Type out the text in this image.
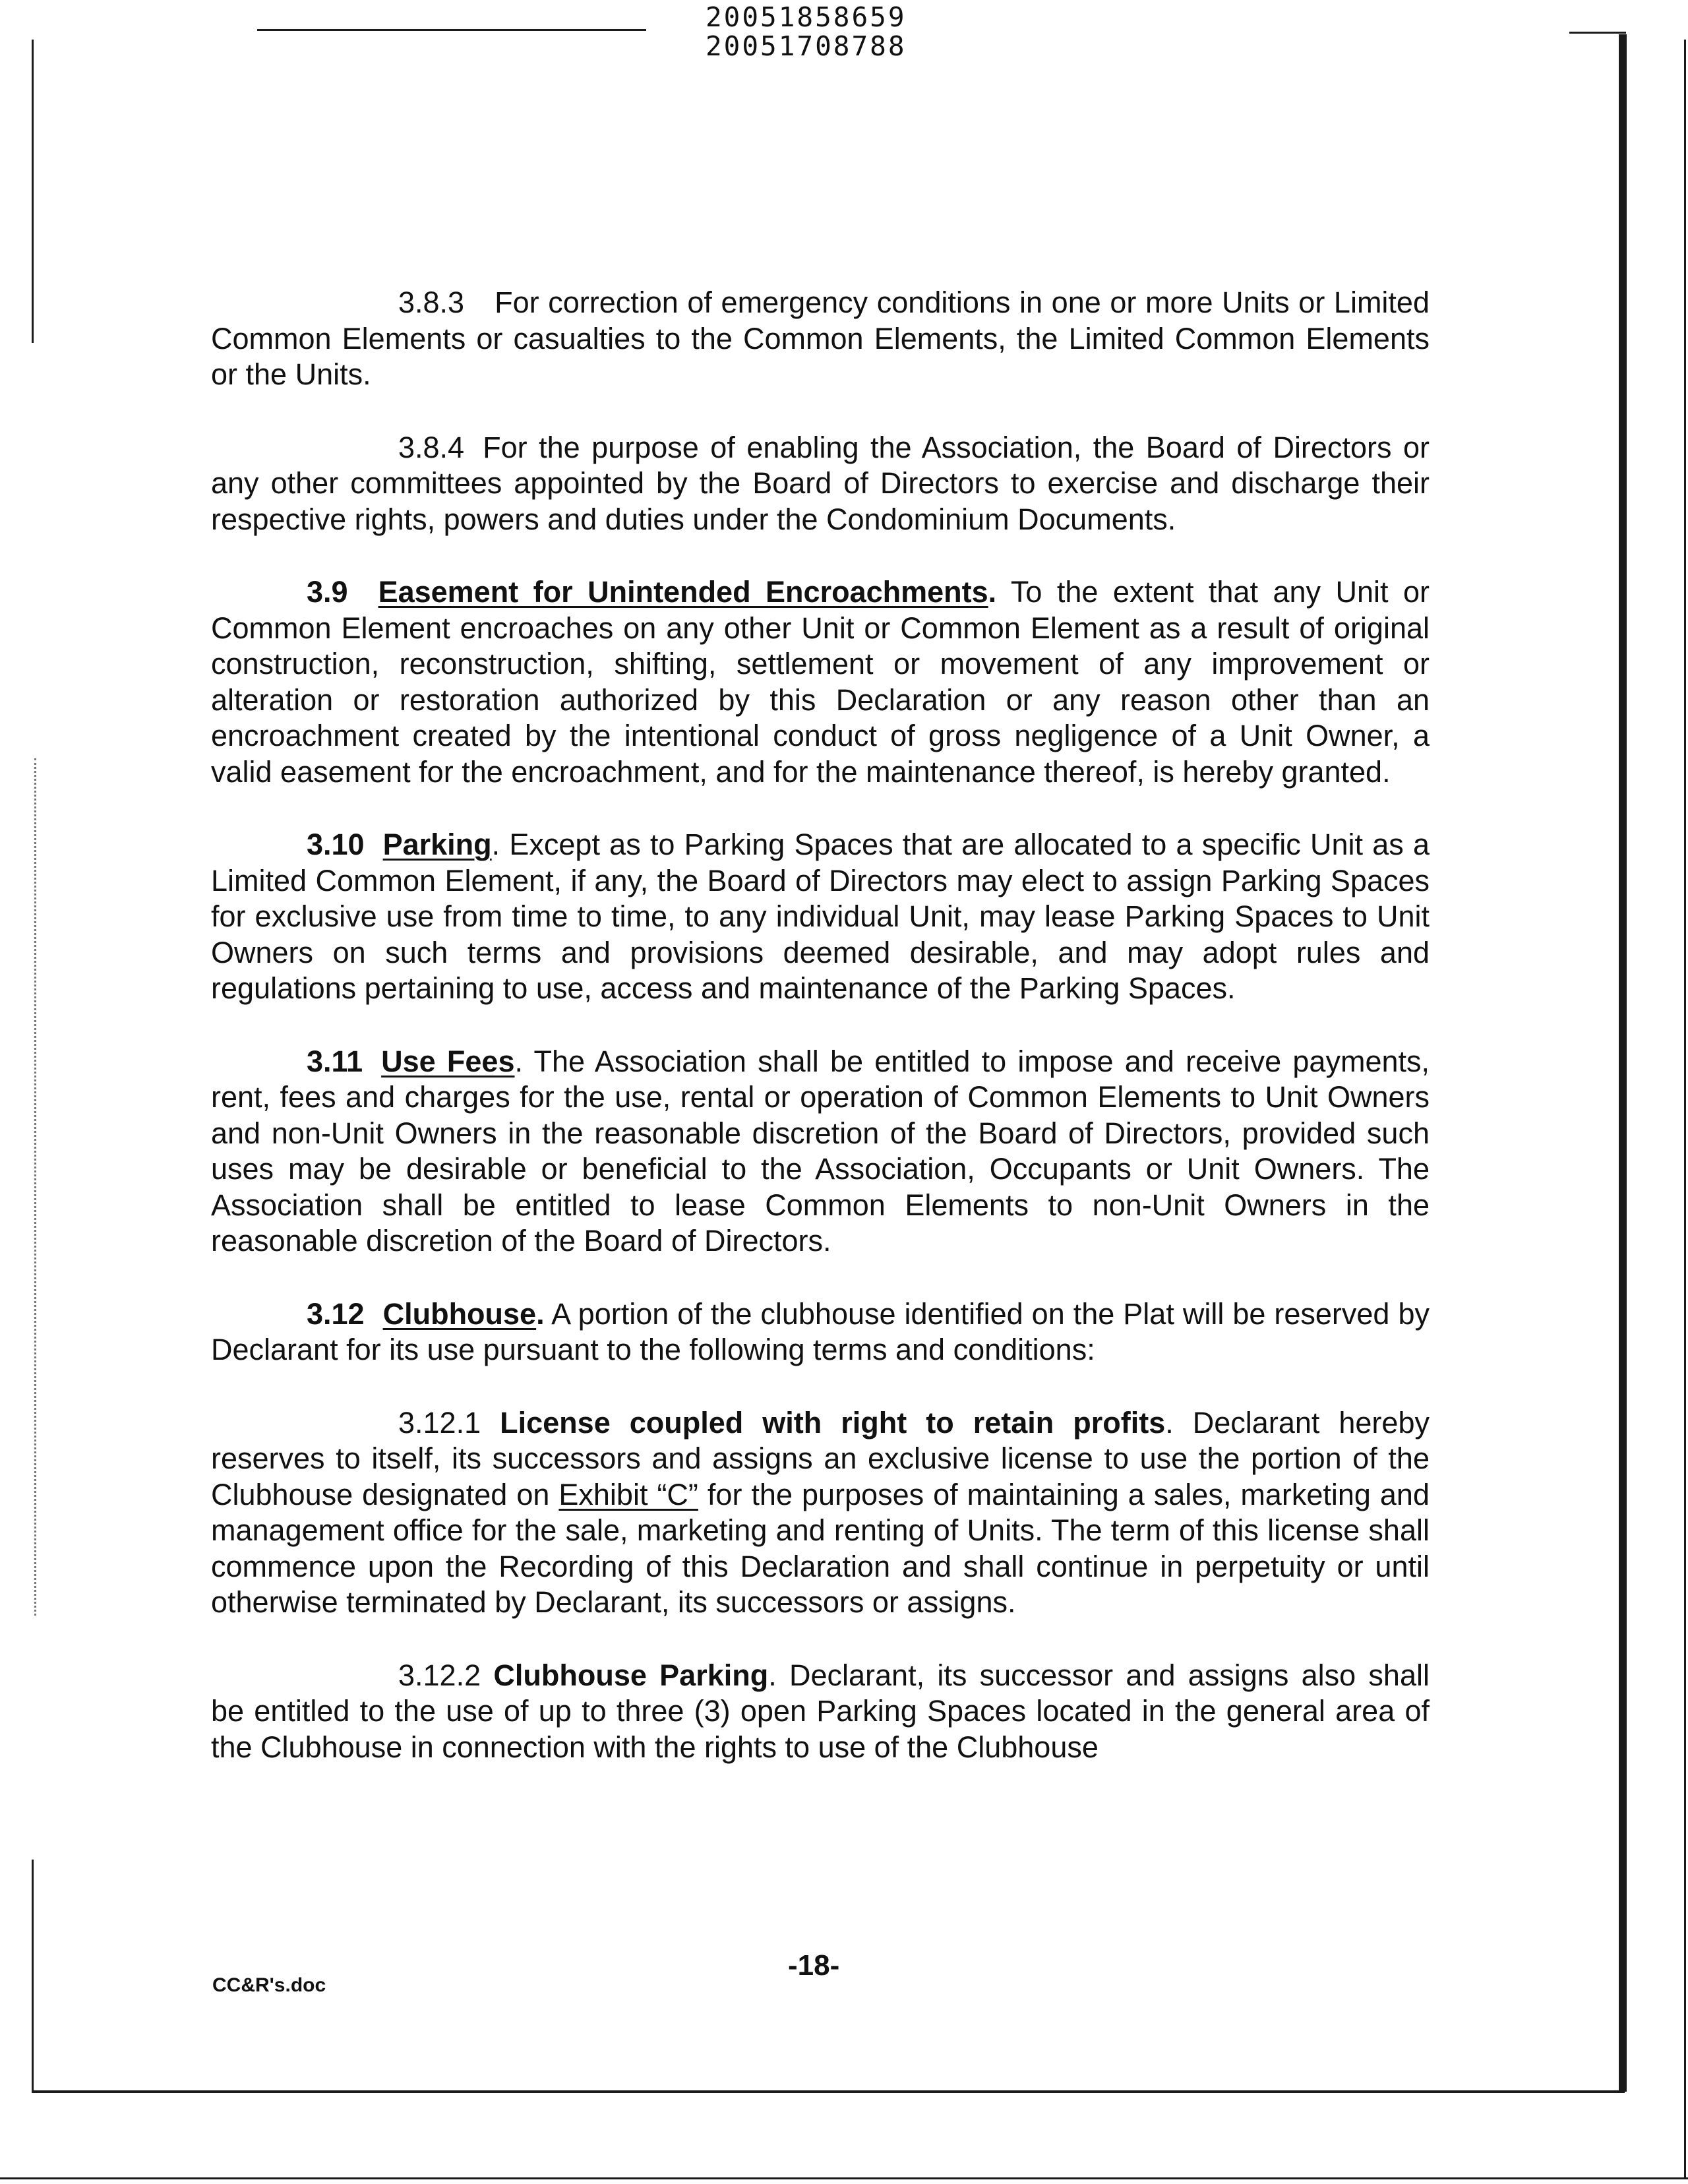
20051858659
20051708788

3.8.3 For correction of emergency conditions in one or more Units or Limited Common Elements or casualties to the Common Elements, the Limited Common Elements or the Units.

3.8.4 For the purpose of enabling the Association, the Board of Directors or any other committees appointed by the Board of Directors to exercise and discharge their respective rights, powers and duties under the Condominium Documents.

3.9 Easement for Unintended Encroachments. To the extent that any Unit or Common Element encroaches on any other Unit or Common Element as a result of original construction, reconstruction, shifting, settlement or movement of any improvement or alteration or restoration authorized by this Declaration or any reason other than an encroachment created by the intentional conduct of gross negligence of a Unit Owner, a valid easement for the encroachment, and for the maintenance thereof, is hereby granted.

3.10 Parking. Except as to Parking Spaces that are allocated to a specific Unit as a Limited Common Element, if any, the Board of Directors may elect to assign Parking Spaces for exclusive use from time to time, to any individual Unit, may lease Parking Spaces to Unit Owners on such terms and provisions deemed desirable, and may adopt rules and regulations pertaining to use, access and maintenance of the Parking Spaces.

3.11 Use Fees. The Association shall be entitled to impose and receive payments, rent, fees and charges for the use, rental or operation of Common Elements to Unit Owners and non-Unit Owners in the reasonable discretion of the Board of Directors, provided such uses may be desirable or beneficial to the Association, Occupants or Unit Owners. The Association shall be entitled to lease Common Elements to non-Unit Owners in the reasonable discretion of the Board of Directors.

3.12 Clubhouse. A portion of the clubhouse identified on the Plat will be reserved by Declarant for its use pursuant to the following terms and conditions:

3.12.1 License coupled with right to retain profits. Declarant hereby reserves to itself, its successors and assigns an exclusive license to use the portion of the Clubhouse designated on Exhibit “C” for the purposes of maintaining a sales, marketing and management office for the sale, marketing and renting of Units. The term of this license shall commence upon the Recording of this Declaration and shall continue in perpetuity or until otherwise terminated by Declarant, its successors or assigns.

3.12.2 Clubhouse Parking. Declarant, its successor and assigns also shall be entitled to the use of up to three (3) open Parking Spaces located in the general area of the Clubhouse in connection with the rights to use of the Clubhouse

-18-
CC&R's.doc
